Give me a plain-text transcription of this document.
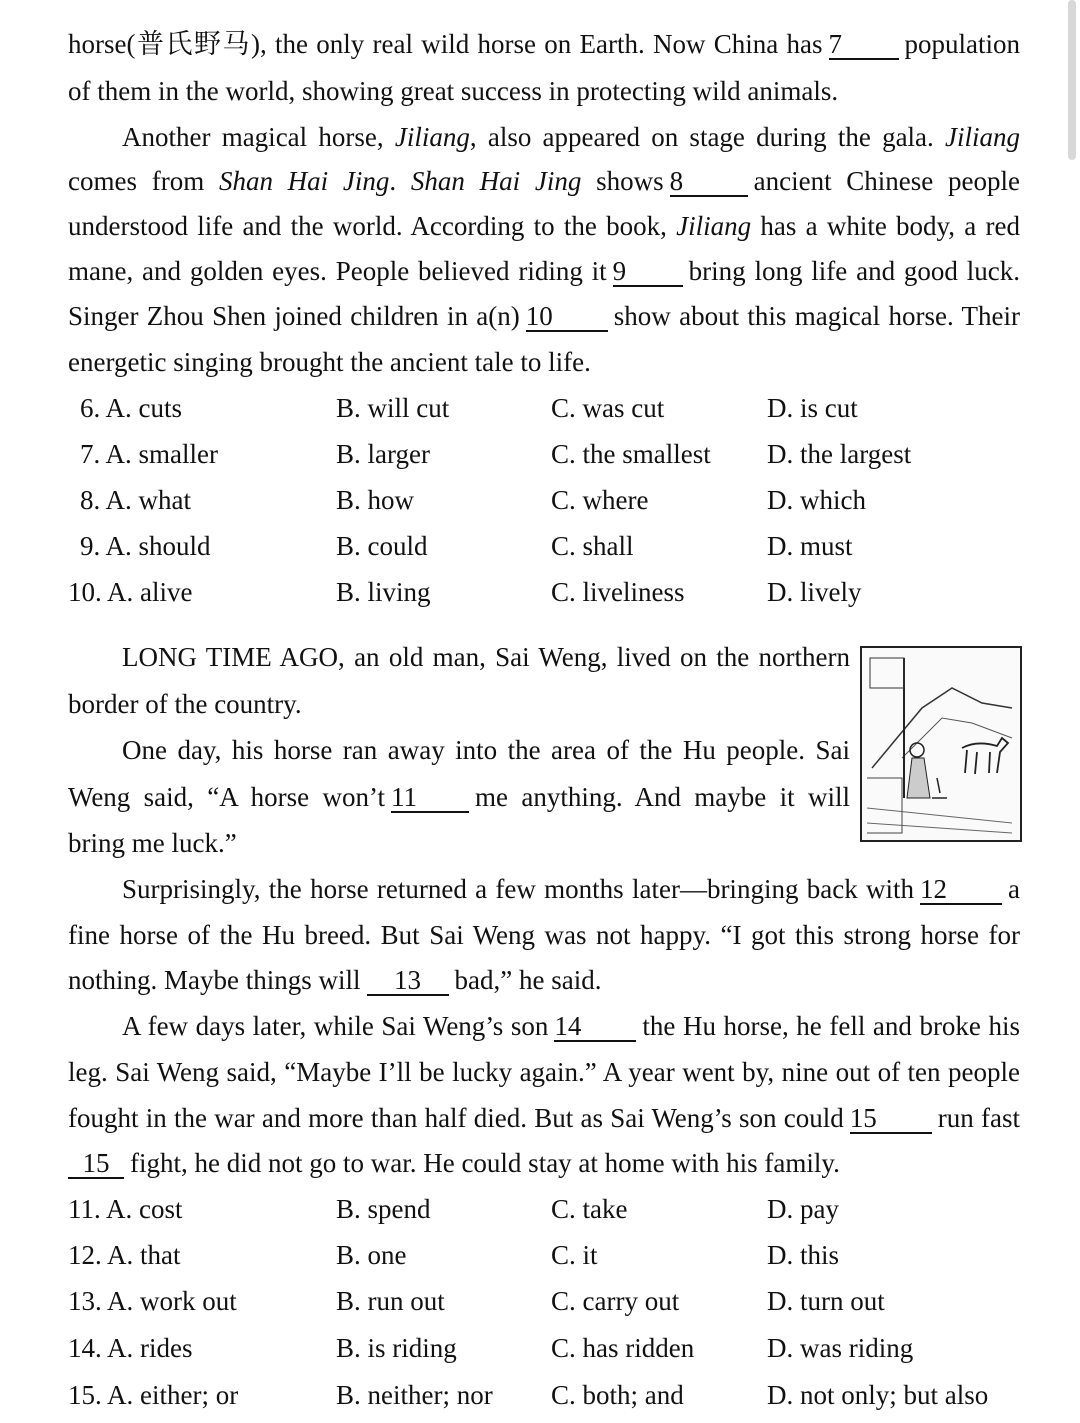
horse(普氏野马), the only real wild horse on Earth. Now China has 7 population
of them in the world, showing great success in protecting wild animals.
Another magical horse, Jiliang, also appeared on stage during the gala. Jiliang
comes from Shan Hai Jing. Shan Hai Jing shows 8	ancient Chinese people
understood life and the world. According to the book, Jiliang has a white body, a red
mane, and golden eyes. People believed riding it 9 bring long life and good luck.
Singer Zhou Shen joined children in a(n) 10 show about this magical horse. Their
energetic singing brought the ancient tale to life.
6. A. cuts	B. will cut	C. was cut	D. is cut
7. A. smaller	B. larger	C. the smallest D. the largest
8. A. what	B. how	C. where	D. which
9. A. should	B. could	C. shall	D. must
10. A. alive	B. living	C. liveliness	D. lively
LONG TIME AGO, an old man, Sai Weng, lived on the northern
border of the country.
One day, his horse ran away into the area of the Hu people. Sai
Weng said, “A horse won’t 11 me anything. And maybe it will
bring me luck.”
Surprisingly, the horse returned a few months later—bringing back with 12 a
fine horse of the Hu breed. But Sai Weng was not happy. “I got this strong horse for
nothing. Maybe things will 13 bad,” he said.
A few days later, while Sai Weng’s son 14 the Hu horse, he fell and broke his
leg. Sai Weng said, “Maybe I’ll be lucky again.” A year went by, nine out of ten people
fought in the war and more than half died. But as Sai Weng’s son could 15 run fast
15 fight, he did not go to war. He could stay at home with his family.
11. A. cost	B. spend	C. take	D. pay
12. A. that	B. one	C. it	D. this
13. A. work out	B. run out	C. carry out	D. turn out
14. A. rides	B. is riding	C. has ridden	D. was riding
15. A. either; or	B. neither; nor C. both; and	D. not only; but also
